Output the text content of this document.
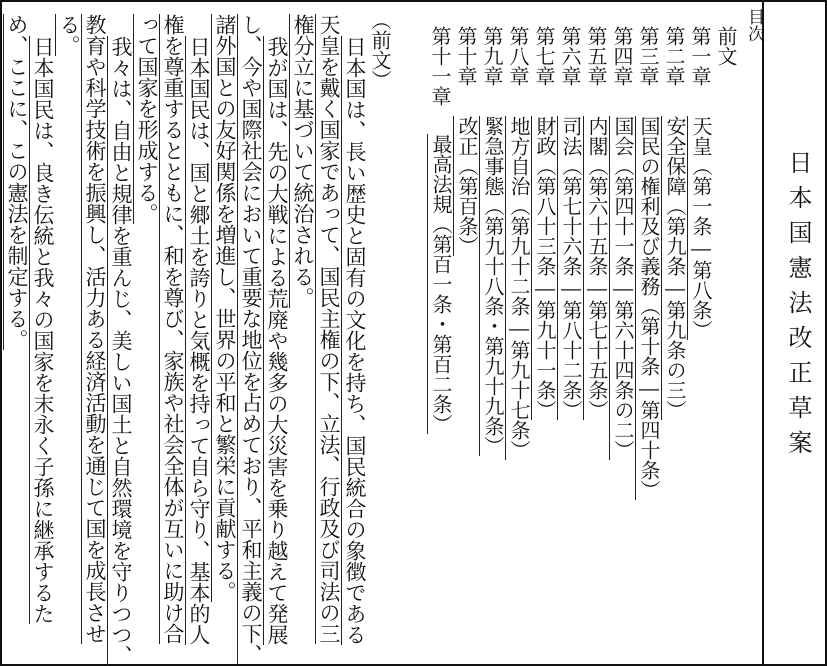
日本国憲法改正草案
目次
前文
第一章
天皇（第一条―第八条）
第二章
安全保障（第九条―第九条の三）
第三章
国民の権利及び義務（第十条―第四十条）
第四章
国会（第四十一条―第六十四条の二）
第五章
内閣（第六十五条―第七十五条）
第六章
司法（第七十六条―第八十二条）
第七章
財政（第八十三条―第九十一条）
第八章
地方自治（第九十二条―第九十七条）
第九章
緊急事態（第九十八条・第九十九条）
第十章
改正（第百条）
第十一章
最高法規（第百一条・第百二条）
（前文）
日本国は、長い歴史と固有の文化を持ち、国民統合の象徴である
天皇を戴く国家であって、国民主権の下、立法、行政及び司法の三
権分立に基づいて統治される。
我が国は、先の大戦による荒廃や幾多の大災害を乗り越えて発展
し、今や国際社会において重要な地位を占めており、平和主義の下、
諸外国との友好関係を増進し、世界の平和と繁栄に貢献する。
日本国民は、国と郷土を誇りと気概を持って自ら守り、基本的人
権を尊重するとともに、和を尊び、家族や社会全体が互いに助け合
って国家を形成する。
我々は、自由と規律を重んじ、美しい国土と自然環境を守りつつ、
教育や科学技術を振興し、活力ある経済活動を通じて国を成長させ
る。
日本国民は、良き伝統と我々の国家を末永く子孫に継承するた
め、ここに、この憲法を制定する。
